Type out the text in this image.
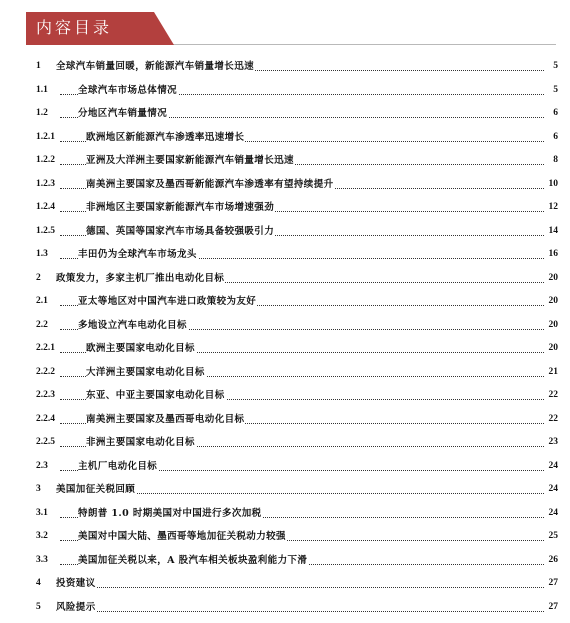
内容目录
1 全球汽车销量回暖，新能源汽车销量增长迅速	5
1.1	全球汽车市场总体情况	5
1.2	分地区汽车销量情况	6
1.2.1	欧洲地区新能源汽车渗透率迅速增长	6
1.2.2	亚洲及大洋洲主要国家新能源汽车销量增长迅速	8
1.2.3	南美洲主要国家及墨西哥新能源汽车渗透率有望持续提升	10
1.2.4	非洲地区主要国家新能源汽车市场增速强劲	12
1.2.5	德国、英国等国家汽车市场具备较强吸引力	14
1.3	丰田仍为全球汽车市场龙头	16
2 政策发力，多家主机厂推出电动化目标	20
2.1	亚太等地区对中国汽车进口政策较为友好	20
2.2	多地设立汽车电动化目标	20
2.2.1	欧洲主要国家电动化目标	20
2.2.2	大洋洲主要国家电动化目标	21
2.2.3	东亚、中亚主要国家电动化目标	22
2.2.4	南美洲主要国家及墨西哥电动化目标	22
2.2.5	非洲主要国家电动化目标	23
2.3	主机厂电动化目标	24
3 美国加征关税回顾	24
3.1	特朗普 1.0 时期美国对中国进行多次加税	24
3.2	美国对中国大陆、墨西哥等地加征关税动力较强	25
3.3	美国加征关税以来，A 股汽车相关板块盈利能力下滑	26
4 投资建议	27
5 风险提示	27
